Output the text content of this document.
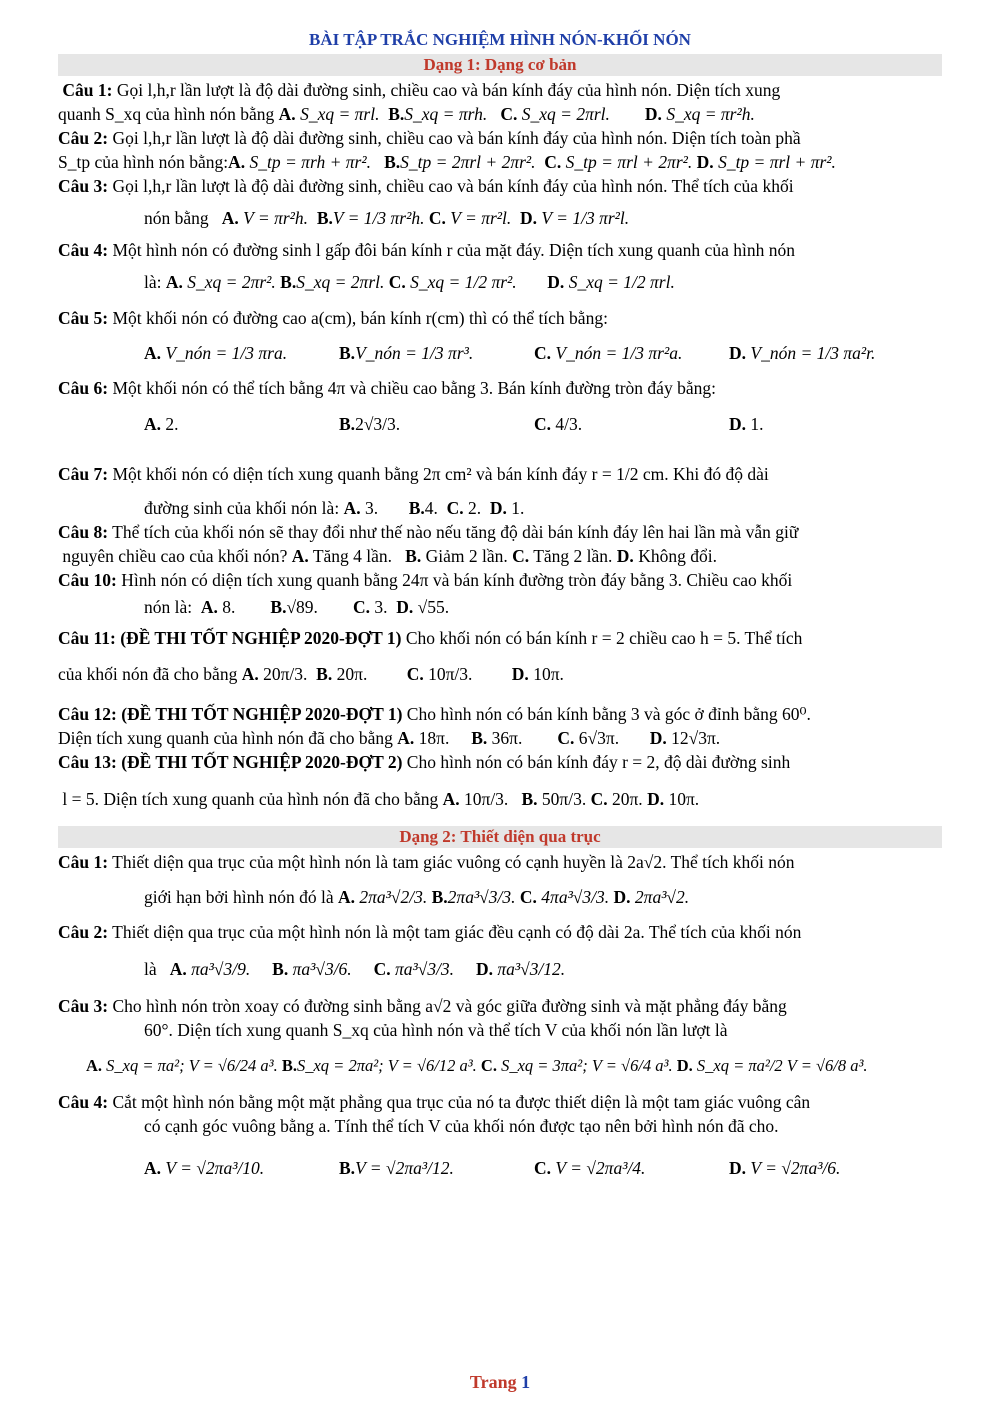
BÀI TẬP TRẮC NGHIỆM HÌNH NÓN-KHỐI NÓN
Dạng 1: Dạng cơ bản
Câu 1: Gọi l,h,r lần lượt là độ dài đường sinh, chiều cao và bán kính đáy của hình nón. Diện tích xung
quanh S_xq của hình nón bằng A. S_xq = πrl. B.S_xq = πrh. C. S_xq = 2πrl. D. S_xq = πr²h.
Câu 2: Gọi l,h,r lần lượt là độ dài đường sinh, chiều cao và bán kính đáy của hình nón. Diện tích toàn phầ
S_tp của hình nón bằng:A. S_tp = πrh + πr². B.S_tp = 2πrl + 2πr². C. S_tp = πrl + 2πr². D. S_tp = πrl + πr².
Câu 3: Gọi l,h,r lần lượt là độ dài đường sinh, chiều cao và bán kính đáy của hình nón. Thể tích của khối
nón bằng A. V = πr²h. B.V = 1/3 πr²h. C. V = πr²l. D. V = 1/3 πr²l.
Câu 4: Một hình nón có đường sinh l gấp đôi bán kính r của mặt đáy. Diện tích xung quanh của hình nón
là: A. S_xq = 2πr². B.S_xq = 2πrl. C. S_xq = 1/2 πr². D. S_xq = 1/2 πrl.
Câu 5: Một khối nón có đường cao a(cm), bán kính r(cm) thì có thể tích bằng:
A. V_nón = 1/3 πra.	B.V_nón = 1/3 πr³.	C. V_nón = 1/3 πr²a.	D. V_nón = 1/3 πa²r.
Câu 6: Một khối nón có thể tích bằng 4π và chiều cao bằng 3. Bán kính đường tròn đáy bằng:
A. 2.	B.2√3/3.	C. 4/3.	D. 1.
Câu 7: Một khối nón có diện tích xung quanh bằng 2π cm² và bán kính đáy r = 1/2 cm. Khi đó độ dài
đường sinh của khối nón là: A. 3. B.4. C. 2. D. 1.
Câu 8: Thể tích của khối nón sẽ thay đổi như thế nào nếu tăng độ dài bán kính đáy lên hai lần mà vẫn giữ
nguyên chiều cao của khối nón? A. Tăng 4 lần. B. Giảm 2 lần. C. Tăng 2 lần. D. Không đổi.
Câu 10: Hình nón có diện tích xung quanh bằng 24π và bán kính đường tròn đáy bằng 3. Chiều cao khối
nón là: A. 8. B.√89. C. 3. D. √55.
Câu 11: (ĐỀ THI TỐT NGHIỆP 2020-ĐỢT 1) Cho khối nón có bán kính r = 2 chiều cao h = 5. Thể tích
của khối nón đã cho bằng A. 20π/3. B. 20π. C. 10π/3. D. 10π.
Câu 12: (ĐỀ THI TỐT NGHIỆP 2020-ĐỢT 1) Cho hình nón có bán kính bằng 3 và góc ở đỉnh bằng 60⁰.
Diện tích xung quanh của hình nón đã cho bằng A. 18π. B. 36π. C. 6√3π. D. 12√3π.
Câu 13: (ĐỀ THI TỐT NGHIỆP 2020-ĐỢT 2) Cho hình nón có bán kính đáy r = 2, độ dài đường sinh
l = 5. Diện tích xung quanh của hình nón đã cho bằng A. 10π/3. B. 50π/3. C. 20π. D. 10π.
Dạng 2: Thiết diện qua trục
Câu 1: Thiết diện qua trục của một hình nón là tam giác vuông có cạnh huyền là 2a√2. Thể tích khối nón
giới hạn bởi hình nón đó là A. 2πa³√2/3. B.2πa³√3/3. C. 4πa³√3/3. D. 2πa³√2.
Câu 2: Thiết diện qua trục của một hình nón là một tam giác đều cạnh có độ dài 2a. Thể tích của khối nón
là A. πa³√3/9. B. πa³√3/6. C. πa³√3/3. D. πa³√3/12.
Câu 3: Cho hình nón tròn xoay có đường sinh bằng a√2 và góc giữa đường sinh và mặt phẳng đáy bằng
60°. Diện tích xung quanh S_xq của hình nón và thể tích V của khối nón lần lượt là
A. S_xq = πa²; V = √6/24 a³. B.S_xq = 2πa²; V = √6/12 a³. C. S_xq = 3πa²; V = √6/4 a³. D. S_xq = πa²/2 V = √6/8 a³.
Câu 4: Cắt một hình nón bằng một mặt phẳng qua trục của nó ta được thiết diện là một tam giác vuông cân
có cạnh góc vuông bằng a. Tính thể tích V của khối nón được tạo nên bởi hình nón đã cho.
A. V = √2πa³/10.	B.V = √2πa³/12.	C. V = √2πa³/4.	D. V = √2πa³/6.
Trang 1
